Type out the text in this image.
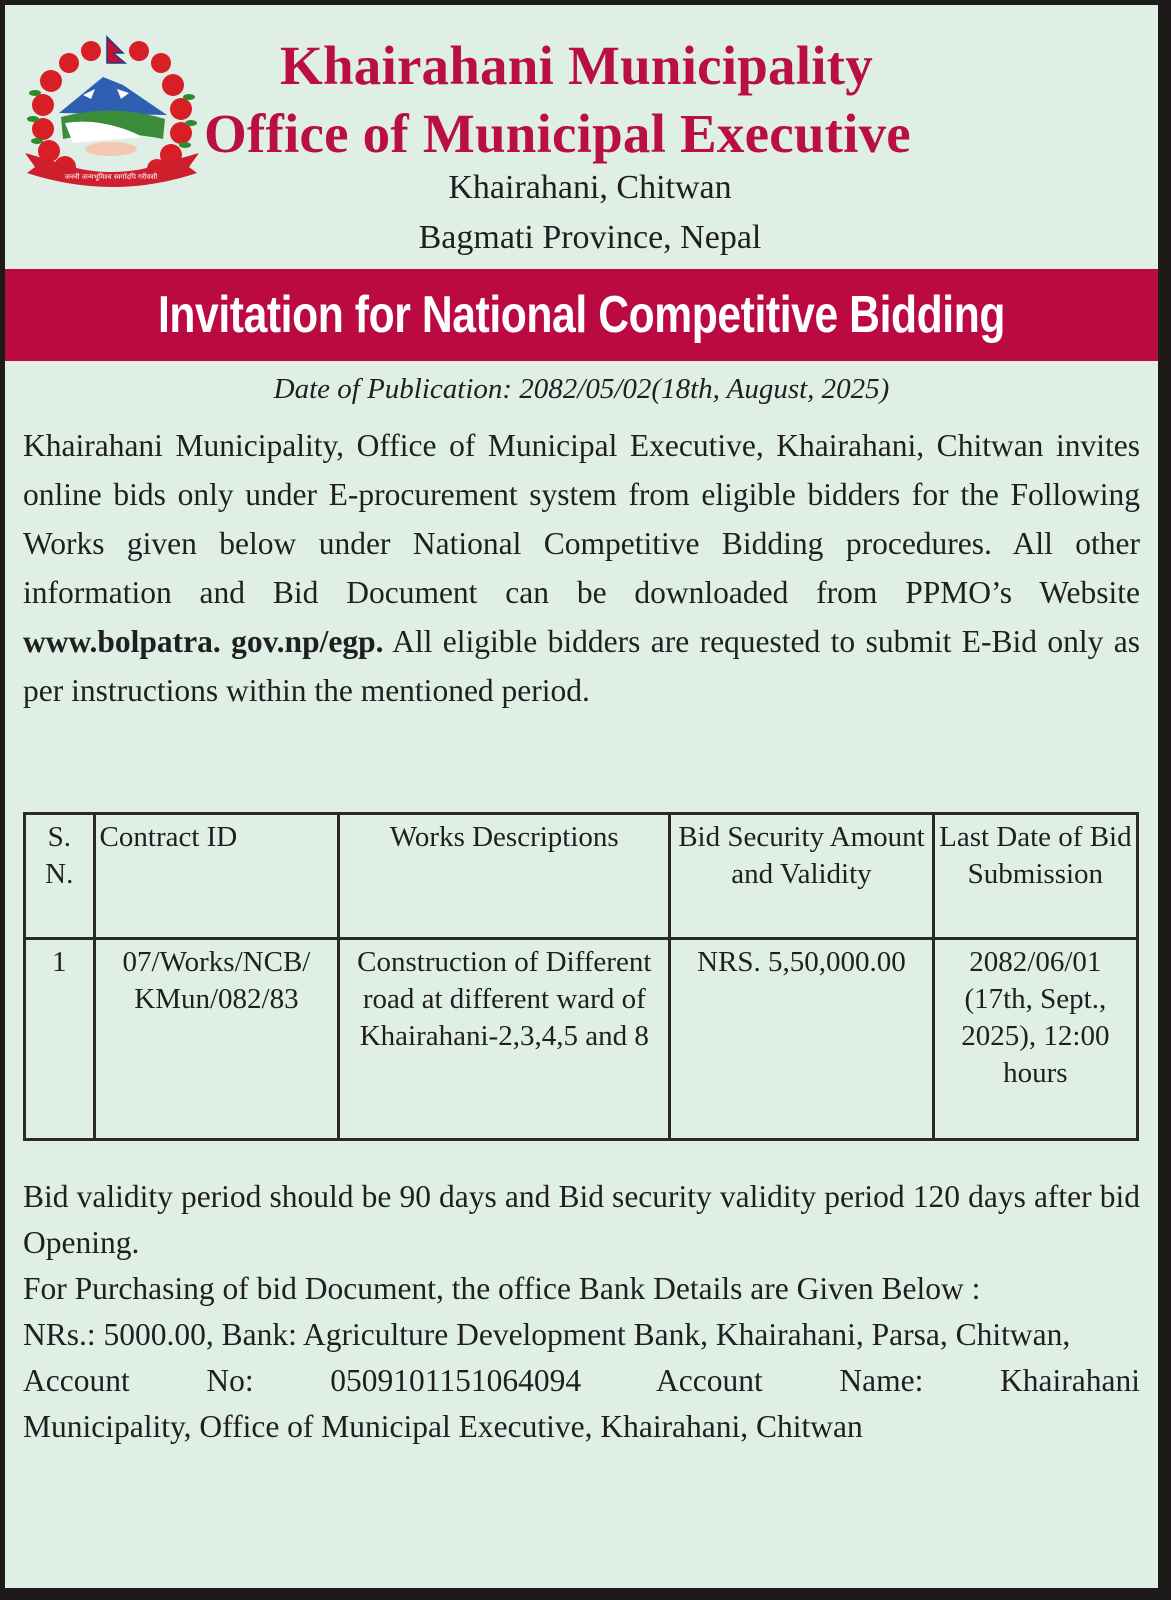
जननी जन्मभूमिश्च स्वर्गादपि गरीयसी
Khairahani Municipality
Office of Municipal Executive
Khairahani, Chitwan
Bagmati Province, Nepal
Invitation for National Competitive Bidding
Date of Publication: 2082/05/02(18th, August, 2025)
Khairahani Municipality, Office of Municipal Executive, Khairahani, Chitwan invites online bids only under E-procurement system from eligible bidders for the Following Works given below under National Competitive Bidding procedures. All other information and Bid Document can be downloaded from PPMO’s Website www.bolpatra. gov.np/egp. All eligible bidders are requested to submit E-Bid only as per instructions within the mentioned period.
S. N.	Contract ID	Works Descriptions	Bid Security Amount and Validity	Last Date of Bid Submission
1	07/Works/NCB/ KMun/082/83	Construction of Different road at different ward of Khairahani-2,3,4,5 and 8	NRS. 5,50,000.00	2082/06/01 (17th, Sept., 2025), 12:00 hours

Bid validity period should be 90 days and Bid security validity period 120 days after bid Opening.

For Purchasing of bid Document, the office Bank Details are Given Below :

NRs.: 5000.00, Bank: Agriculture Development Bank, Khairahani, Parsa, Chitwan,

Account No: 0509101151064094 Account Name: Khairahani

Municipality, Office of Municipal Executive, Khairahani, Chitwan
